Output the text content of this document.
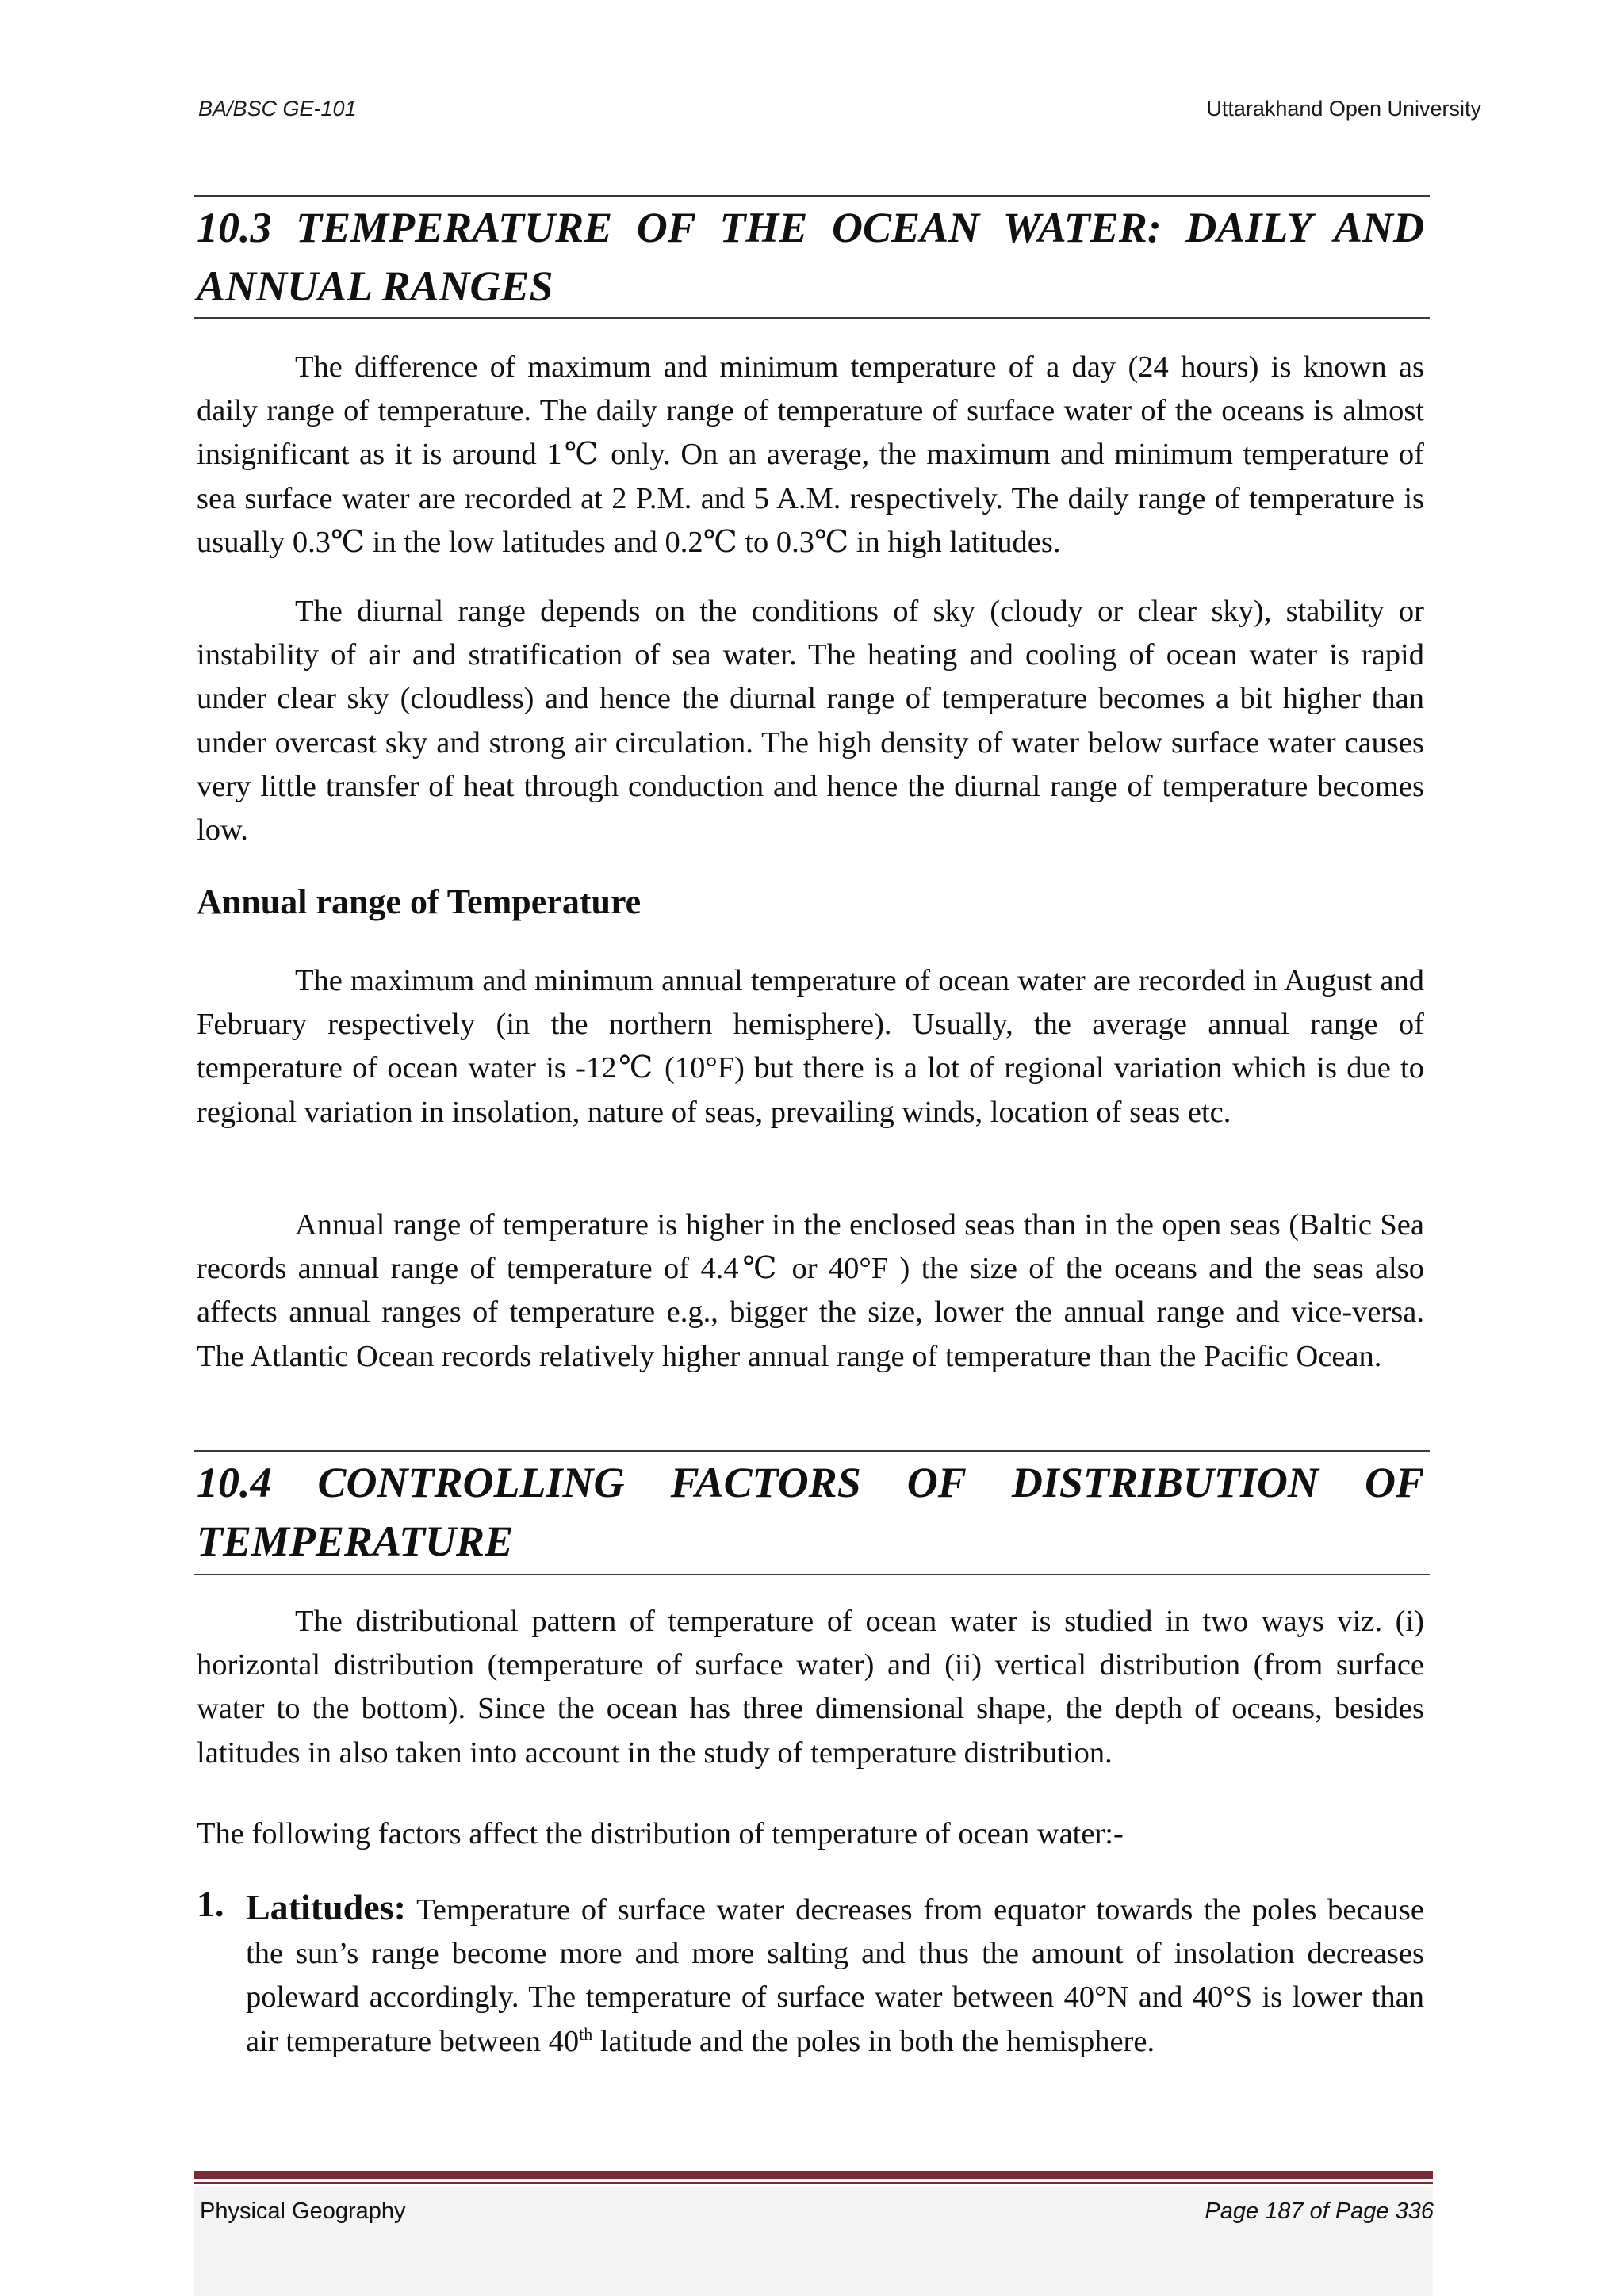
BA/BSC GE-101	Uttarakhand Open University
10.3 TEMPERATURE OF THE OCEAN WATER: DAILY AND
ANNUAL RANGES

The difference of maximum and minimum temperature of a day (24 hours) is known as daily range of temperature. The daily range of temperature of surface water of the oceans is almost insignificant as it is around 1℃ only. On an average, the maximum and minimum temperature of sea surface water are recorded at 2 P.M. and 5 A.M. respectively. The daily range of temperature is usually 0.3℃ in the low latitudes and 0.2℃ to 0.3℃ in high latitudes.

The diurnal range depends on the conditions of sky (cloudy or clear sky), stability or instability of air and stratification of sea water. The heating and cooling of ocean water is rapid under clear sky (cloudless) and hence the diurnal range of temperature becomes a bit higher than under overcast sky and strong air circulation. The high density of water below surface water causes very little transfer of heat through conduction and hence the diurnal range of temperature becomes low.

Annual range of Temperature

The maximum and minimum annual temperature of ocean water are recorded in August and February respectively (in the northern hemisphere). Usually, the average annual range of temperature of ocean water is -12℃ (10°F) but there is a lot of regional variation which is due to regional variation in insolation, nature of seas, prevailing winds, location of seas etc.

Annual range of temperature is higher in the enclosed seas than in the open seas (Baltic Sea records annual range of temperature of 4.4℃ or 40°F ) the size of the oceans and the seas also affects annual ranges of temperature e.g., bigger the size, lower the annual range and vice-versa. The Atlantic Ocean records relatively higher annual range of temperature than the Pacific Ocean.

10.4 CONTROLLING FACTORS OF DISTRIBUTION OF
TEMPERATURE

The distributional pattern of temperature of ocean water is studied in two ways viz. (i) horizontal distribution (temperature of surface water) and (ii) vertical distribution (from surface water to the bottom). Since the ocean has three dimensional shape, the depth of oceans, besides latitudes in also taken into account in the study of temperature distribution.

The following factors affect the distribution of temperature of ocean water:-

1. Latitudes: Temperature of surface water decreases from equator towards the poles because the sun’s range become more and more salting and thus the amount of insolation decreases poleward accordingly. The temperature of surface water between 40°N and 40°S is lower than air temperature between 40th latitude and the poles in both the hemisphere.
Physical Geography	Page 187 of Page 336
